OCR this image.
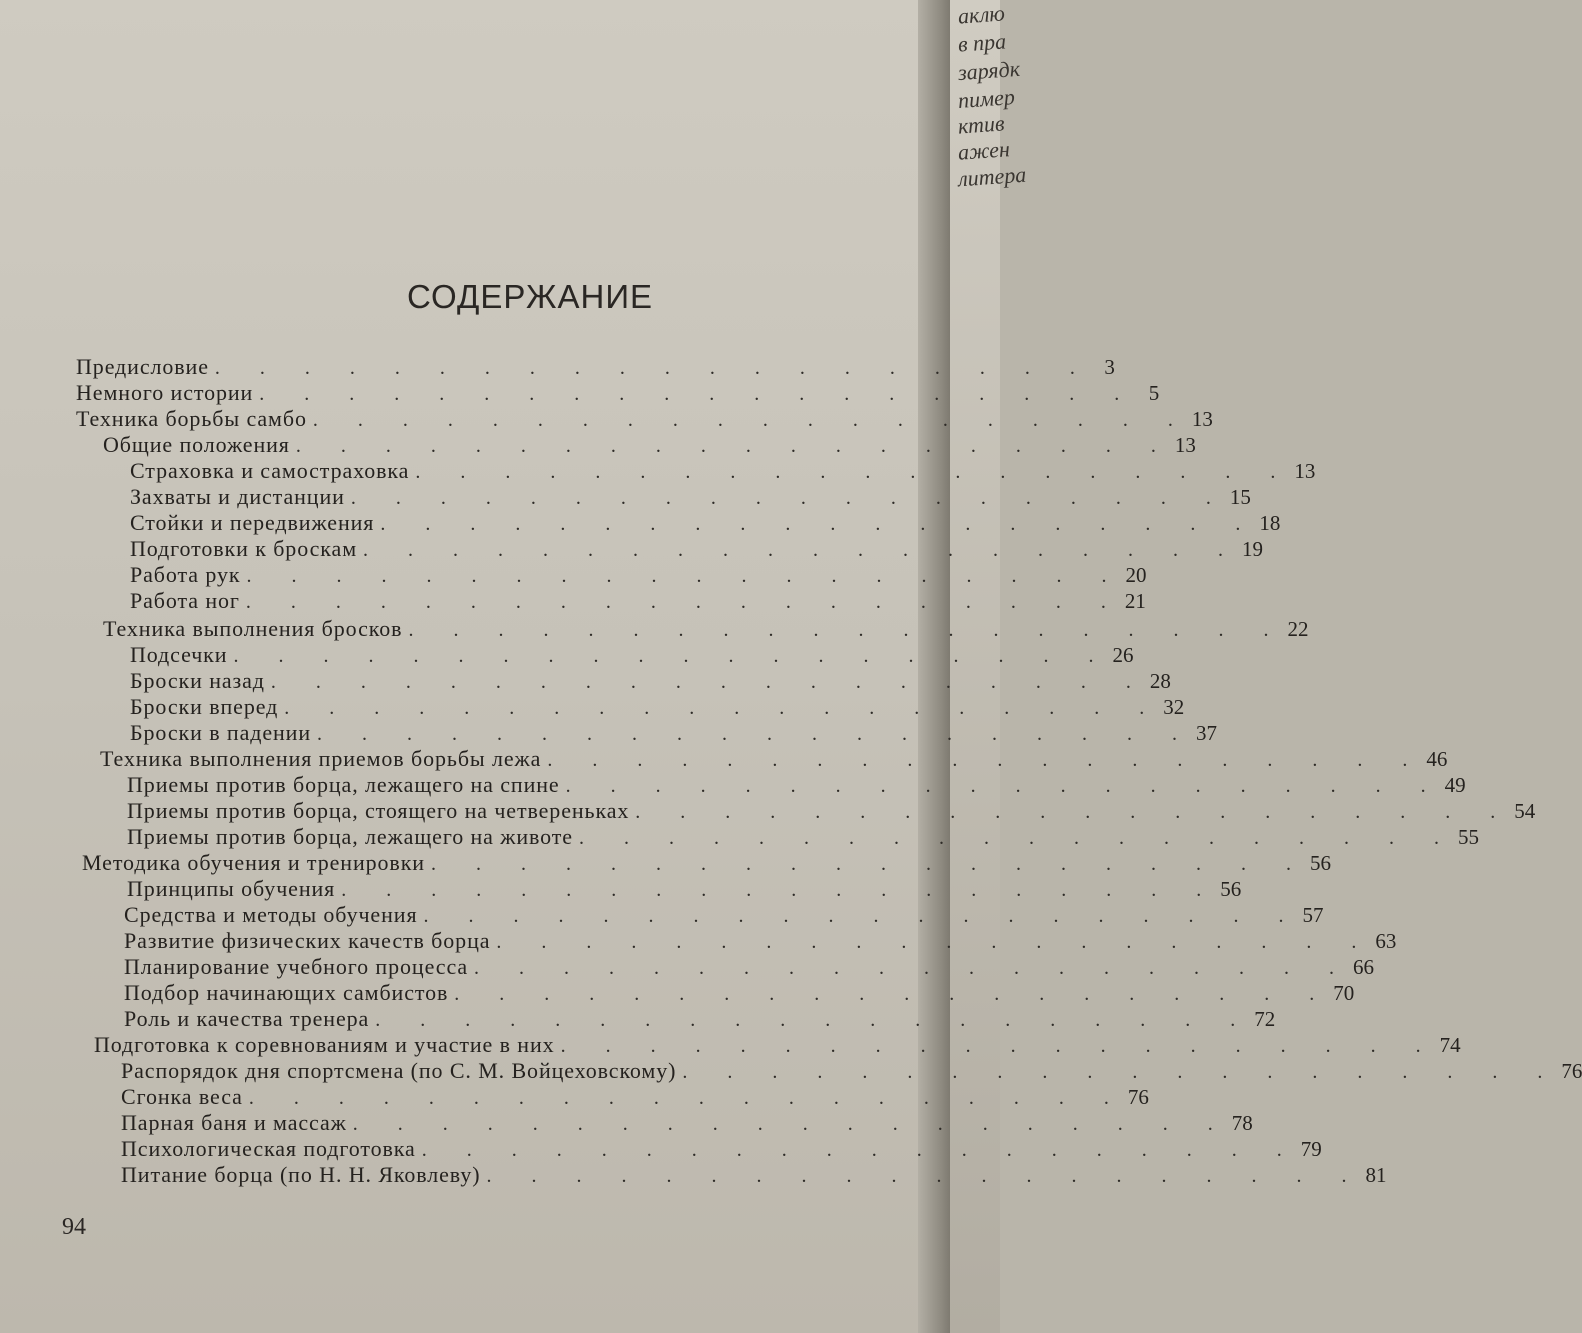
аклю
в пра
зарядк
пимер
ктив
ажен
литера
СОДЕРЖАНИЕ
Предисловие .	3
Немного истории .	5
Техника борьбы самбо .	13
Общие положения .	13
Страховка и самостраховка .	13
Захваты и дистанции .	15
Стойки и передвижения .	18
Подготовки к броскам .	19
Работа рук .	20
Работа ног .	21
Техника выполнения бросков .	22
Подсечки .	26
Броски назад .	28
Броски вперед .	32
Броски в падении .	37
Техника выполнения приемов борьбы лежа .	46
Приемы против борца, лежащего на спине .	49
Приемы против борца, стоящего на четвереньках .	54
Приемы против борца, лежащего на животе .	55
Методика обучения и тренировки .	56
Принципы обучения .	56
Средства и методы обучения .	57
Развитие физических качеств борца .	63
Планирование учебного процесса .	66
Подбор начинающих самбистов .	70
Роль и качества тренера .	72
Подготовка к соревнованиям и участие в них .	74
Распорядок дня спортсмена (по С. М. Войцеховскому) .	76
Сгонка веса .	76
Парная баня и массаж .	78
Психологическая подготовка .	79
Питание борца (по Н. Н. Яковлеву) .	81
94
